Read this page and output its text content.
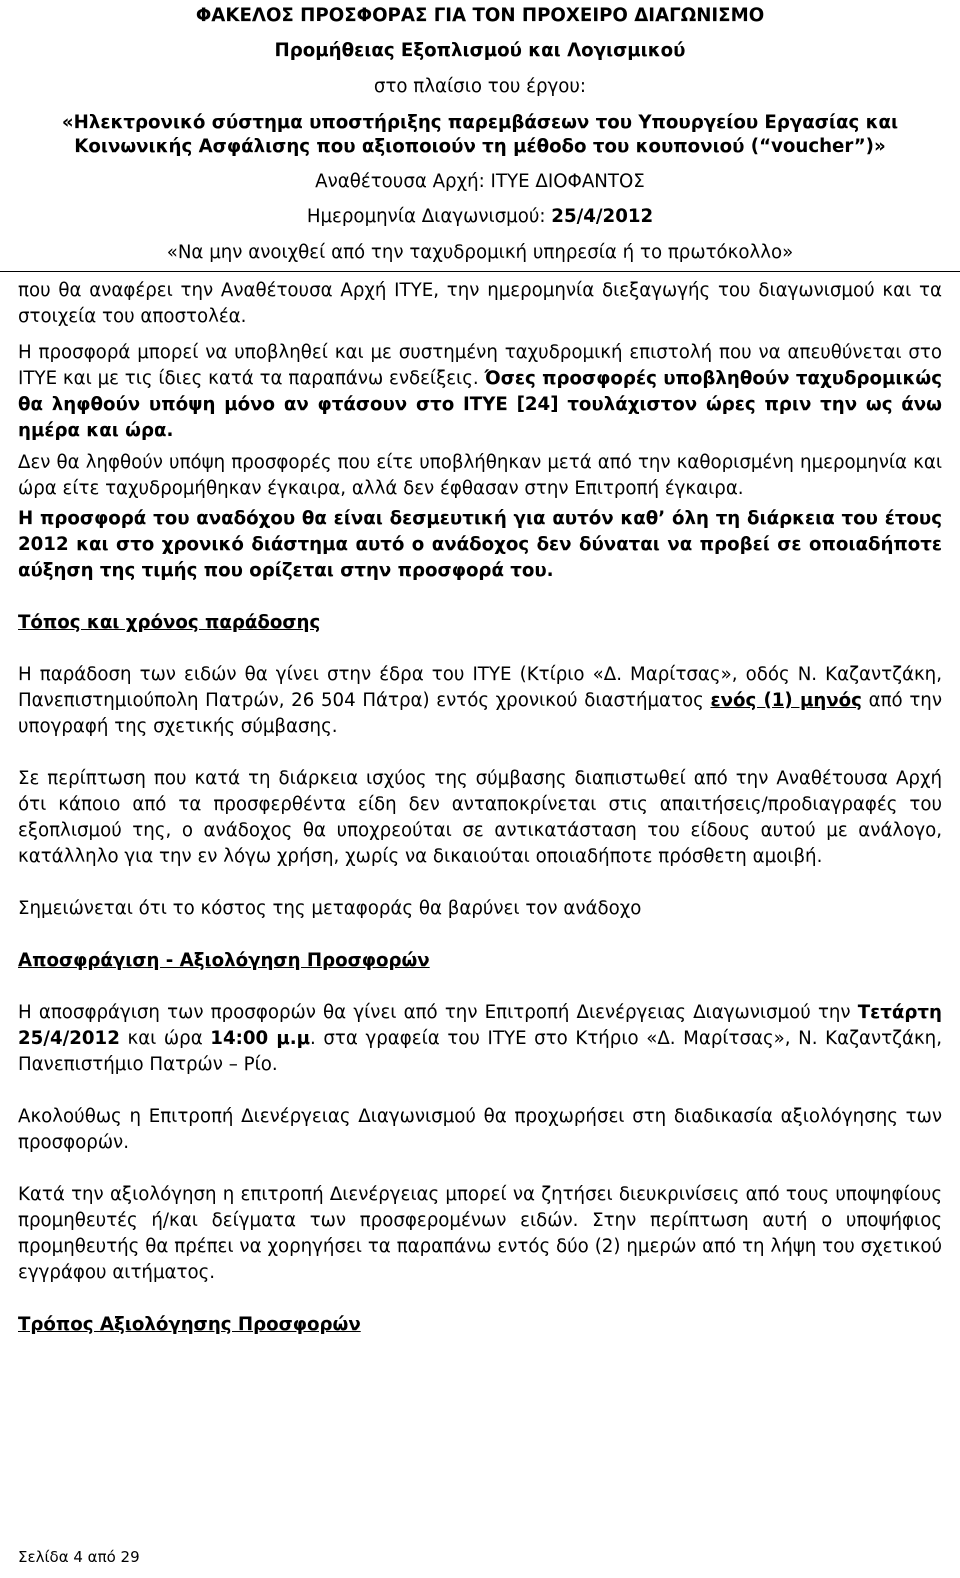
ΦΑΚΕΛΟΣ ΠΡΟΣΦΟΡΑΣ ΓΙΑ ΤΟΝ ΠΡΟΧΕΙΡΟ ΔΙΑΓΩΝΙΣΜΟ
Προμήθειας Εξοπλισμού και Λογισμικού
στο πλαίσιο του έργου:
«Ηλεκτρονικό σύστημα υποστήριξης παρεμβάσεων του Υπουργείου Εργασίας και
Κοινωνικής Ασφάλισης που αξιοποιούν τη μέθοδο του κουπονιού (“voucher”)»
Αναθέτουσα Αρχή: ΙΤΥΕ ΔΙΟΦΑΝΤΟΣ
Ημερομηνία Διαγωνισμού: 25/4/2012
«Να μην ανοιχθεί από την ταχυδρομική υπηρεσία ή το πρωτόκολλο»

που θα αναφέρει την Αναθέτουσα Αρχή ΙΤΥΕ, την ημερομηνία διεξαγωγής του διαγωνισμού και τα στοιχεία του αποστολέα.

Η προσφορά μπορεί να υποβληθεί και με συστημένη ταχυδρομική επιστολή που να απευθύνεται στο ΙΤΥΕ και με τις ίδιες κατά τα παραπάνω ενδείξεις. Όσες προσφορές υποβληθούν ταχυδρομικώς θα ληφθούν υπόψη μόνο αν φτάσουν στο ΙΤΥΕ [24] τουλάχιστον ώρες πριν την ως άνω ημέρα και ώρα.

Δεν θα ληφθούν υπόψη προσφορές που είτε υποβλήθηκαν μετά από την καθορισμένη ημερομηνία και ώρα είτε ταχυδρομήθηκαν έγκαιρα, αλλά δεν έφθασαν στην Επιτροπή έγκαιρα.

Η προσφορά του αναδόχου θα είναι δεσμευτική για αυτόν καθ’ όλη τη διάρκεια του έτους 2012 και στο χρονικό διάστημα αυτό ο ανάδοχος δεν δύναται να προβεί σε οποιαδήποτε αύξηση της τιμής που ορίζεται στην προσφορά του.

Τόπος και χρόνος παράδοσης

Η παράδοση των ειδών θα γίνει στην έδρα του ΙΤΥΕ (Κτίριο «Δ. Μαρίτσας», οδός Ν. Καζαντζάκη, Πανεπιστημιούπολη Πατρών, 26 504 Πάτρα) εντός χρονικού διαστήματος ενός (1) μηνός από την υπογραφή της σχετικής σύμβασης.

Σε περίπτωση που κατά τη διάρκεια ισχύος της σύμβασης διαπιστωθεί από την Αναθέτουσα Αρχή ότι κάποιο από τα προσφερθέντα είδη δεν ανταποκρίνεται στις απαιτήσεις/προδιαγραφές του εξοπλισμού της, ο ανάδοχος θα υποχρεούται σε αντικατάσταση του είδους αυτού με ανάλογο, κατάλληλο για την εν λόγω χρήση, χωρίς να δικαιούται οποιαδήποτε πρόσθετη αμοιβή.

Σημειώνεται ότι το κόστος της μεταφοράς θα βαρύνει τον ανάδοχο

Αποσφράγιση - Αξιολόγηση Προσφορών

Η αποσφράγιση των προσφορών θα γίνει από την Επιτροπή Διενέργειας Διαγωνισμού την Τετάρτη 25/4/2012 και ώρα 14:00 μ.μ. στα γραφεία του ΙΤΥΕ στο Κτήριο «Δ. Μαρίτσας», Ν. Καζαντζάκη, Πανεπιστήμιο Πατρών – Ρίο.

Ακολούθως η Επιτροπή Διενέργειας Διαγωνισμού θα προχωρήσει στη διαδικασία αξιολόγησης των προσφορών.

Κατά την αξιολόγηση η επιτροπή Διενέργειας μπορεί να ζητήσει διευκρινίσεις από τους υποψηφίους προμηθευτές ή/και δείγματα των προσφερομένων ειδών. Στην περίπτωση αυτή ο υποψήφιος προμηθευτής θα πρέπει να χορηγήσει τα παραπάνω εντός δύο (2) ημερών από τη λήψη του σχετικού εγγράφου αιτήματος.

Τρόπος Αξιολόγησης Προσφορών

Σελίδα 4 από 29
